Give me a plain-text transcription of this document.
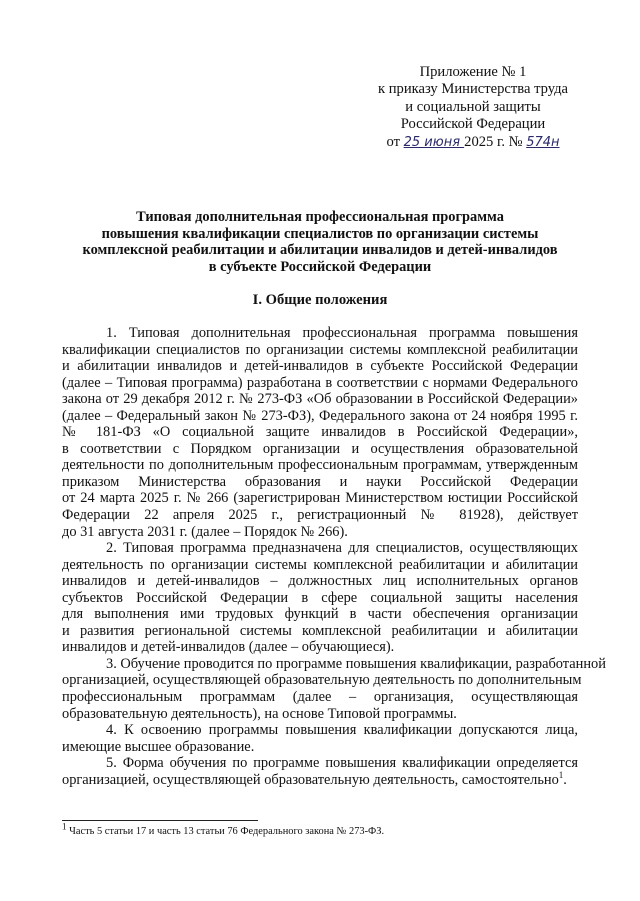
Приложение № 1
к приказу Министерства труда
и социальной защиты
Российской Федерации
от 25 июня 2025 г. № 574н
Типовая дополнительная профессиональная программа
повышения квалификации специалистов по организации системы
комплексной реабилитации и абилитации инвалидов и детей-инвалидов
в субъекте Российской Федерации
I. Общие положения
1. Типовая дополнительная профессиональная программа повышения
квалификации специалистов по организации системы комплексной реабилитации
и абилитации инвалидов и детей-инвалидов в субъекте Российской Федерации
(далее – Типовая программа) разработана в соответствии с нормами Федерального
закона от 29 декабря 2012 г. № 273-ФЗ «Об образовании в Российской Федерации»
(далее – Федеральный закон № 273-ФЗ), Федерального закона от 24 ноября 1995 г.
№ 181-ФЗ «О социальной защите инвалидов в Российской Федерации»,
в соответствии с Порядком организации и осуществления образовательной
деятельности по дополнительным профессиональным программам, утвержденным
приказом Министерства образования и науки Российской Федерации
от 24 марта 2025 г. № 266 (зарегистрирован Министерством юстиции Российской
Федерации 22 апреля 2025 г., регистрационный № 81928), действует
до 31 августа 2031 г. (далее – Порядок № 266).
2. Типовая программа предназначена для специалистов, осуществляющих
деятельность по организации системы комплексной реабилитации и абилитации
инвалидов и детей-инвалидов – должностных лиц исполнительных органов
субъектов Российской Федерации в сфере социальной защиты населения
для выполнения ими трудовых функций в части обеспечения организации
и развития региональной системы комплексной реабилитации и абилитации
инвалидов и детей-инвалидов (далее – обучающиеся).
3. Обучение проводится по программе повышения квалификации, разработанной
организацией, осуществляющей образовательную деятельность по дополнительным
профессиональным программам (далее – организация, осуществляющая
образовательную деятельность), на основе Типовой программы.
4. К освоению программы повышения квалификации допускаются лица,
имеющие высшее образование.
5. Форма обучения по программе повышения квалификации определяется
организацией, осуществляющей образовательную деятельность, самостоятельно$^1$.
$^1$ Часть 5 статьи 17 и часть 13 статьи 76 Федерального закона № 273-ФЗ.
